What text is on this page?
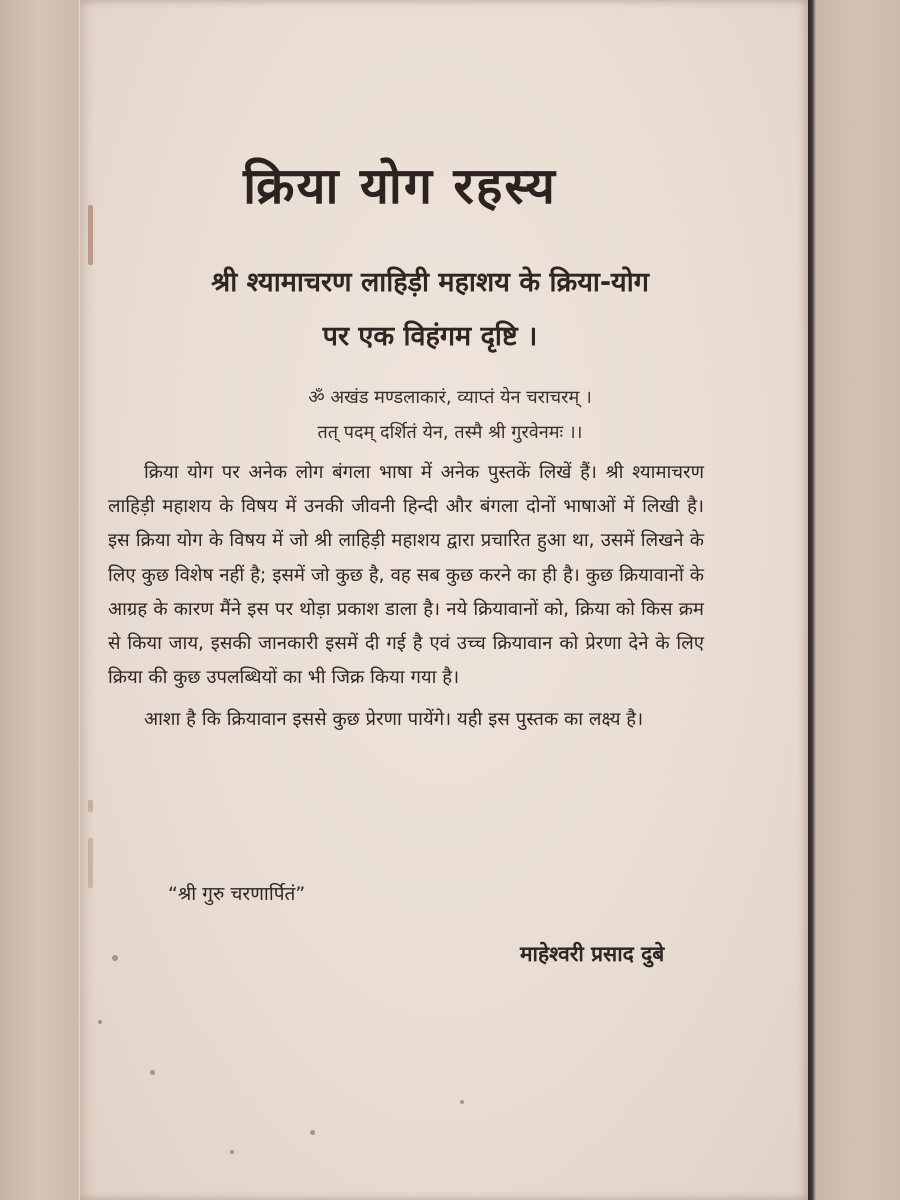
क्रिया योग रहस्य
श्री श्यामाचरण लाहिड़ी महाशय के क्रिया-योग
पर एक विहंगम दृष्टि ।
ॐ अखंड मण्डलाकारं, व्याप्तं येन चराचरम् ।
तत् पदम् दर्शितं येन, तस्मै श्री गुरवेनमः ।।

क्रिया योग पर अनेक लोग बंगला भाषा में अनेक पुस्तकें लिखें हैं। श्री श्यामाचरण लाहिड़ी महाशय के विषय में उनकी जीवनी हिन्दी और बंगला दोनों भाषाओं में लिखी है। इस क्रिया योग के विषय में जो श्री लाहिड़ी महाशय द्वारा प्रचारित हुआ था, उसमें लिखने के लिए कुछ विशेष नहीं है; इसमें जो कुछ है, वह सब कुछ करने का ही है। कुछ क्रियावानों के आग्रह के कारण मैंने इस पर थोड़ा प्रकाश डाला है। नये क्रियावानों को, क्रिया को किस क्रम से किया जाय, इसकी जानकारी इसमें दी गई है एवं उच्च क्रियावान को प्रेरणा देने के लिए क्रिया की कुछ उपलब्धियों का भी जिक्र किया गया है।

आशा है कि क्रियावान इससे कुछ प्रेरणा पायेंगे। यही इस पुस्तक का लक्ष्य है।

“श्री गुरु चरणार्पितं”
माहेश्वरी प्रसाद दुबे
